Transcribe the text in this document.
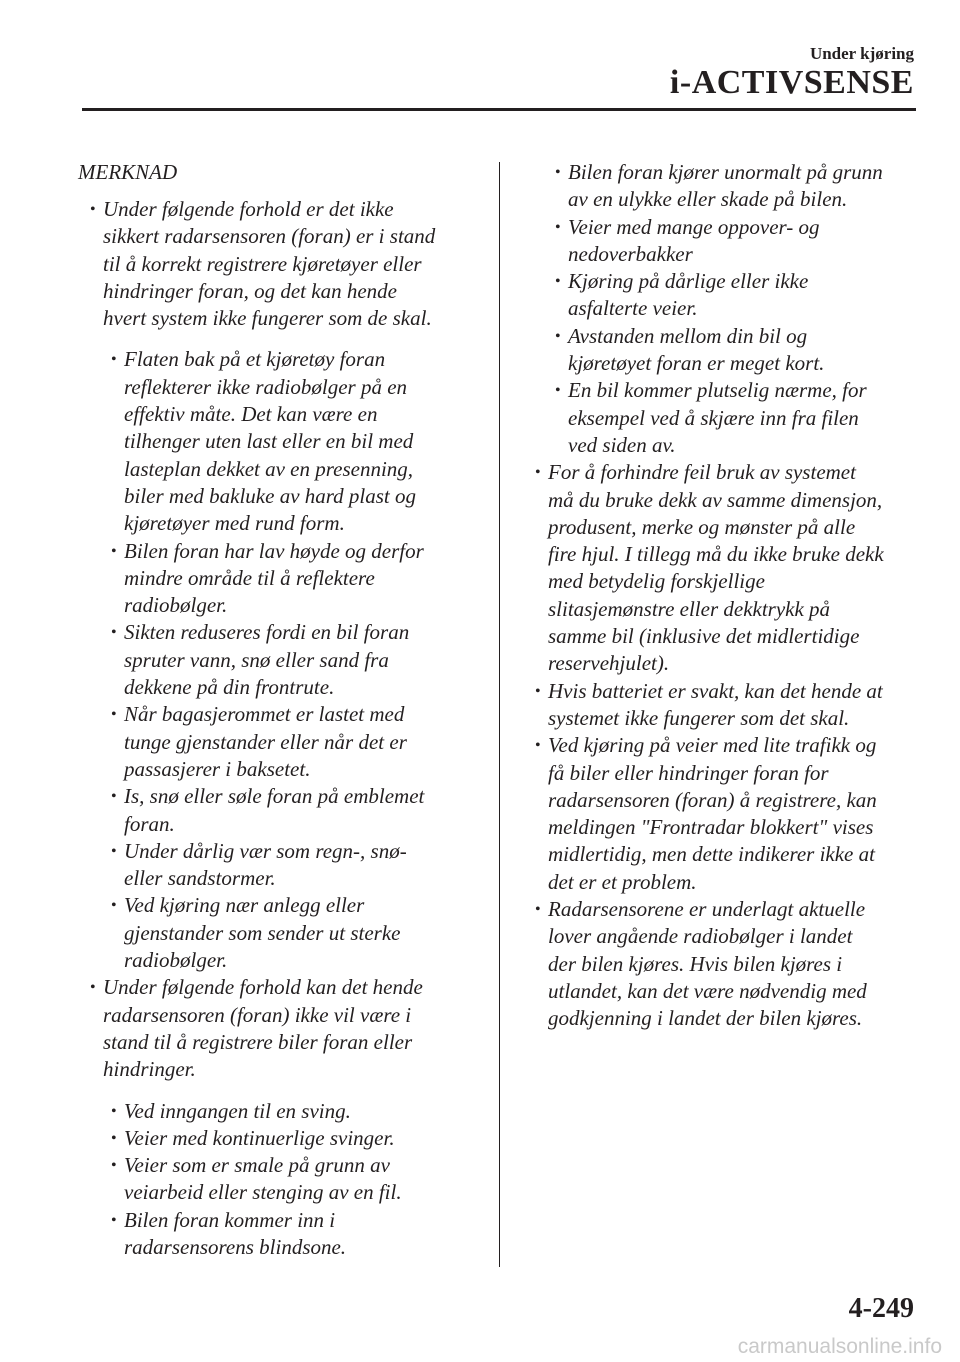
Under kjøring
i-ACTIVSENSE
MERKNAD
• Under følgende forhold er det ikke
sikkert radarsensoren (foran) er i stand
til å korrekt registrere kjøretøyer eller
hindringer foran, og det kan hende
hvert system ikke fungerer som de skal.
• Flaten bak på et kjøretøy foran
reflekterer ikke radiobølger på en
effektiv måte. Det kan være en
tilhenger uten last eller en bil med
lasteplan dekket av en presenning,
biler med bakluke av hard plast og
kjøretøyer med rund form.
• Bilen foran har lav høyde og derfor
mindre område til å reflektere
radiobølger.
• Sikten reduseres fordi en bil foran
spruter vann, snø eller sand fra
dekkene på din frontrute.
• Når bagasjerommet er lastet med
tunge gjenstander eller når det er
passasjerer i baksetet.
• Is, snø eller søle foran på emblemet
foran.
• Under dårlig vær som regn-, snø-
eller sandstormer.
• Ved kjøring nær anlegg eller
gjenstander som sender ut sterke
radiobølger.
• Under følgende forhold kan det hende
radarsensoren (foran) ikke vil være i
stand til å registrere biler foran eller
hindringer.
• Ved inngangen til en sving.
• Veier med kontinuerlige svinger.
• Veier som er smale på grunn av
veiarbeid eller stenging av en fil.
• Bilen foran kommer inn i
radarsensorens blindsone.
• Bilen foran kjører unormalt på grunn
av en ulykke eller skade på bilen.
• Veier med mange oppover- og
nedoverbakker
• Kjøring på dårlige eller ikke
asfalterte veier.
• Avstanden mellom din bil og
kjøretøyet foran er meget kort.
• En bil kommer plutselig nærme, for
eksempel ved å skjære inn fra filen
ved siden av.
• For å forhindre feil bruk av systemet
må du bruke dekk av samme dimensjon,
produsent, merke og mønster på alle
fire hjul. I tillegg må du ikke bruke dekk
med betydelig forskjellige
slitasjemønstre eller dekktrykk på
samme bil (inklusive det midlertidige
reservehjulet).
• Hvis batteriet er svakt, kan det hende at
systemet ikke fungerer som det skal.
• Ved kjøring på veier med lite trafikk og
få biler eller hindringer foran for
radarsensoren (foran) å registrere, kan
meldingen "Frontradar blokkert" vises
midlertidig, men dette indikerer ikke at
det er et problem.
• Radarsensorene er underlagt aktuelle
lover angående radiobølger i landet
der bilen kjøres. Hvis bilen kjøres i
utlandet, kan det være nødvendig med
godkjenning i landet der bilen kjøres.
4-249
carmanualsonline.info
